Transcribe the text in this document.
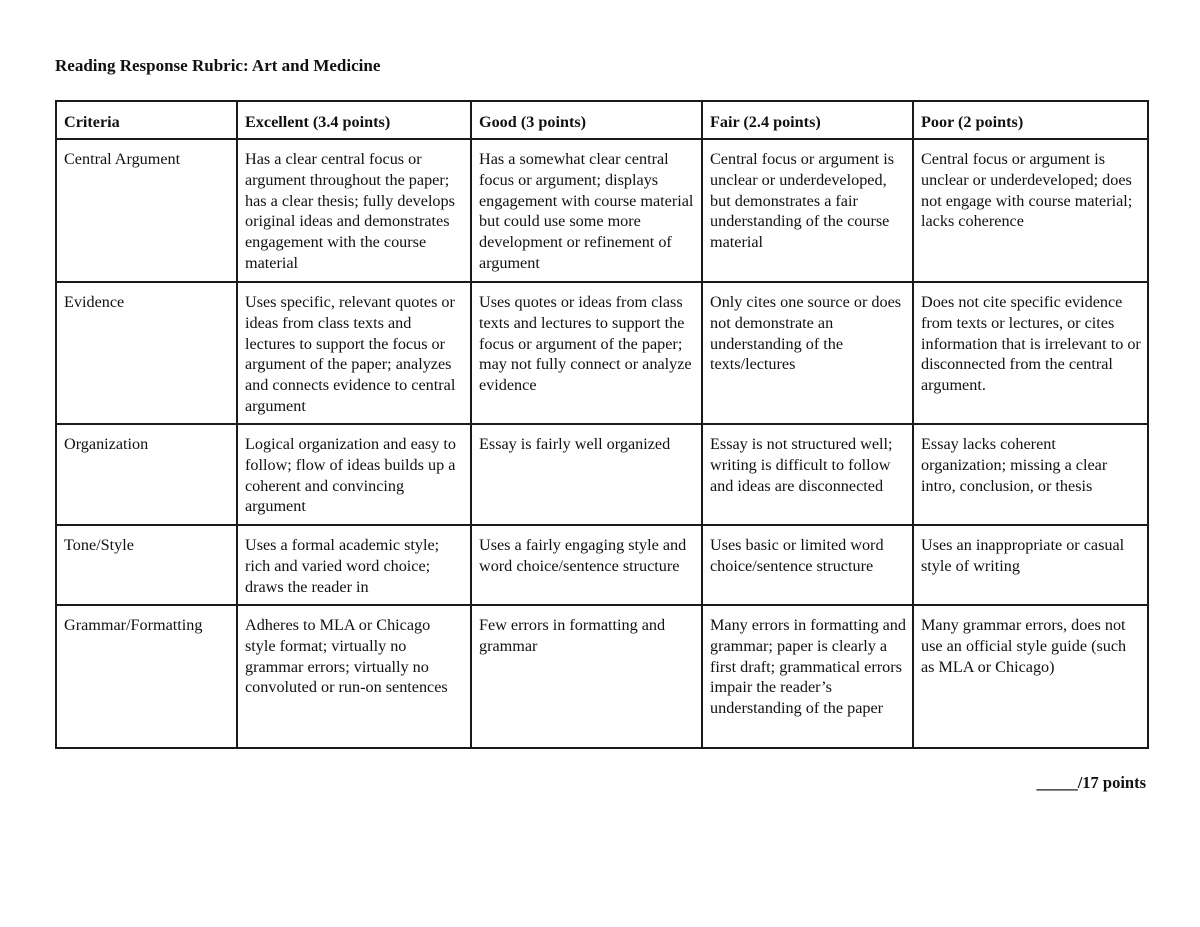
Reading Response Rubric: Art and Medicine
Criteria	Excellent (3.4 points)	Good (3 points)	Fair (2.4 points)	Poor (2 points)
Central Argument	Has a clear central focus or argument throughout the paper; has a clear thesis; fully develops original ideas and demonstrates engagement with the course material	Has a somewhat clear central focus or argument; displays engagement with course material but could use some more development or refinement of argument	Central focus or argument is unclear or underdeveloped, but demonstrates a fair understanding of the course material	Central focus or argument is unclear or underdeveloped; does not engage with course material; lacks coherence
Evidence	Uses specific, relevant quotes or ideas from class texts and lectures to support the focus or argument of the paper; analyzes and connects evidence to central argument	Uses quotes or ideas from class texts and lectures to support the focus or argument of the paper; may not fully connect or analyze evidence	Only cites one source or does not demonstrate an understanding of the texts/lectures	Does not cite specific evidence from texts or lectures, or cites information that is irrelevant to or disconnected from the central argument.
Organization	Logical organization and easy to follow; flow of ideas builds up a coherent and convincing argument	Essay is fairly well organized	Essay is not structured well; writing is difficult to follow and ideas are disconnected	Essay lacks coherent organization; missing a clear intro, conclusion, or thesis
Tone/Style	Uses a formal academic style; rich and varied word choice; draws the reader in	Uses a fairly engaging style and word choice/sentence structure	Uses basic or limited word choice/sentence structure	Uses an inappropriate or casual style of writing
Grammar/Formatting	Adheres to MLA or Chicago style format; virtually no grammar errors; virtually no convoluted or run-on sentences	Few errors in formatting and grammar	Many errors in formatting and grammar; paper is clearly a first draft; grammatical errors impair the reader’s understanding of the paper	Many grammar errors, does not use an official style guide (such as MLA or Chicago)
_____/17 points
